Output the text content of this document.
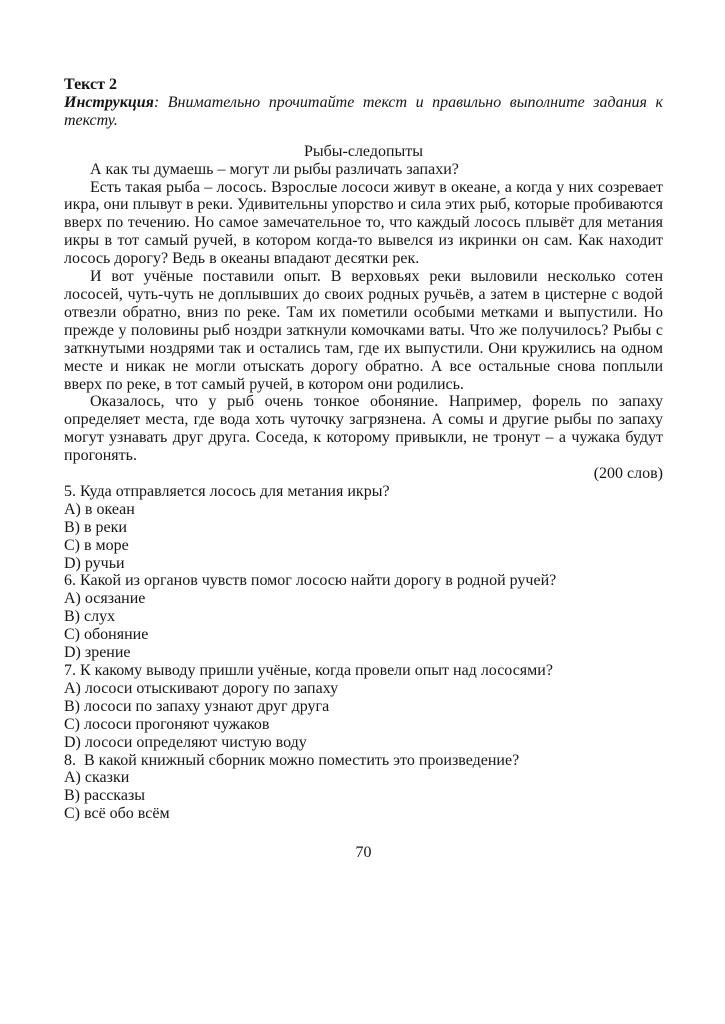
Текст 2

Инструкция: Внимательно прочитайте текст и правильно выполните задания к тексту.

Рыбы-следопыты

А как ты думаешь – могут ли рыбы различать запахи?

Есть такая рыба – лосось. Взрослые лососи живут в океане, а когда у них созревает икра, они плывут в реки. Удивительны упорство и сила этих рыб, которые пробиваются вверх по течению. Но самое замечательное то, что каждый лосось плывёт для метания икры в тот самый ручей, в котором когда-то вывелся из икринки он сам. Как находит лосось дорогу? Ведь в океаны впадают десятки рек.

И вот учёные поставили опыт. В верховьях реки выловили несколько сотен лососей, чуть-чуть не доплывших до своих родных ручьёв, а затем в цистерне с водой отвезли обратно, вниз по реке. Там их пометили особыми метками и выпустили. Но прежде у половины рыб ноздри заткнули комочками ваты. Что же получилось? Рыбы с заткнутыми ноздрями так и остались там, где их выпустили. Они кружились на одном месте и никак не могли отыскать дорогу обратно. А все остальные снова поплыли вверх по реке, в тот самый ручей, в котором они родились.

Оказалось, что у рыб очень тонкое обоняние. Например, форель по запаху определяет места, где вода хоть чуточку загрязнена. А сомы и другие рыбы по запаху могут узнавать друг друга. Соседа, к которому привыкли, не тронут – а чужака будут прогонять.

(200 слов)

5. Куда отправляется лосось для метания икры?

А) в океан

В) в реки

С) в море

D) ручьи

6. Какой из органов чувств помог лососю найти дорогу в родной ручей?

А) осязание

В) слух

С) обоняние

D) зрение

7. К какому выводу пришли учёные, когда провели опыт над лососями?

А) лососи отыскивают дорогу по запаху

В) лососи по запаху узнают друг друга

С) лососи прогоняют чужаков

D) лососи определяют чистую воду

8.  В какой книжный сборник можно поместить это произведение?

А) сказки

В) рассказы

С) всё обо всём

70
